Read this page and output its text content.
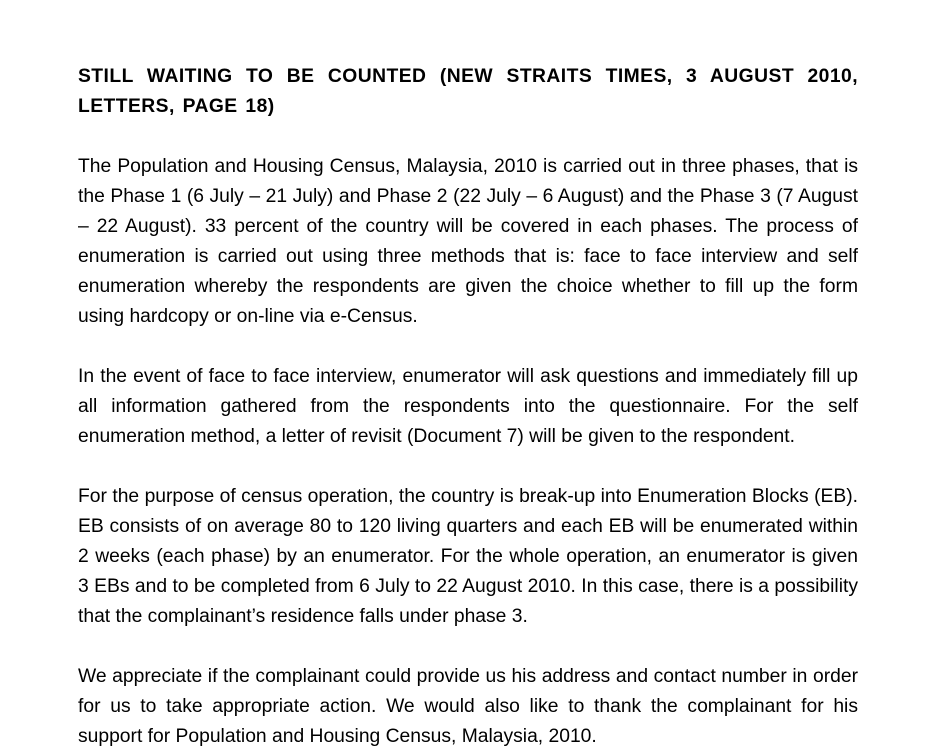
STILL WAITING TO BE COUNTED (NEW STRAITS TIMES, 3 AUGUST 2010, LETTERS, PAGE 18)

The Population and Housing Census, Malaysia, 2010 is carried out in three phases, that is the Phase 1 (6 July – 21 July) and Phase 2 (22 July – 6 August) and the Phase 3 (7 August – 22 August). 33 percent of the country will be covered in each phases. The process of enumeration is carried out using three methods that is: face to face interview and self enumeration whereby the respondents are given the choice whether to fill up the form using hardcopy or on-line via e-Census.

In the event of face to face interview, enumerator will ask questions and immediately fill up all information gathered from the respondents into the questionnaire. For the self enumeration method, a letter of revisit (Document 7) will be given to the respondent.

For the purpose of census operation, the country is break-up into Enumeration Blocks (EB). EB consists of on average 80 to 120 living quarters and each EB will be enumerated within 2 weeks (each phase) by an enumerator. For the whole operation, an enumerator is given 3 EBs and to be completed from 6 July to 22 August 2010. In this case, there is a possibility that the complainant’s residence falls under phase 3.

We appreciate if the complainant could provide us his address and contact number in order for us to take appropriate action. We would also like to thank the complainant for his support for Population and Housing Census, Malaysia, 2010.
